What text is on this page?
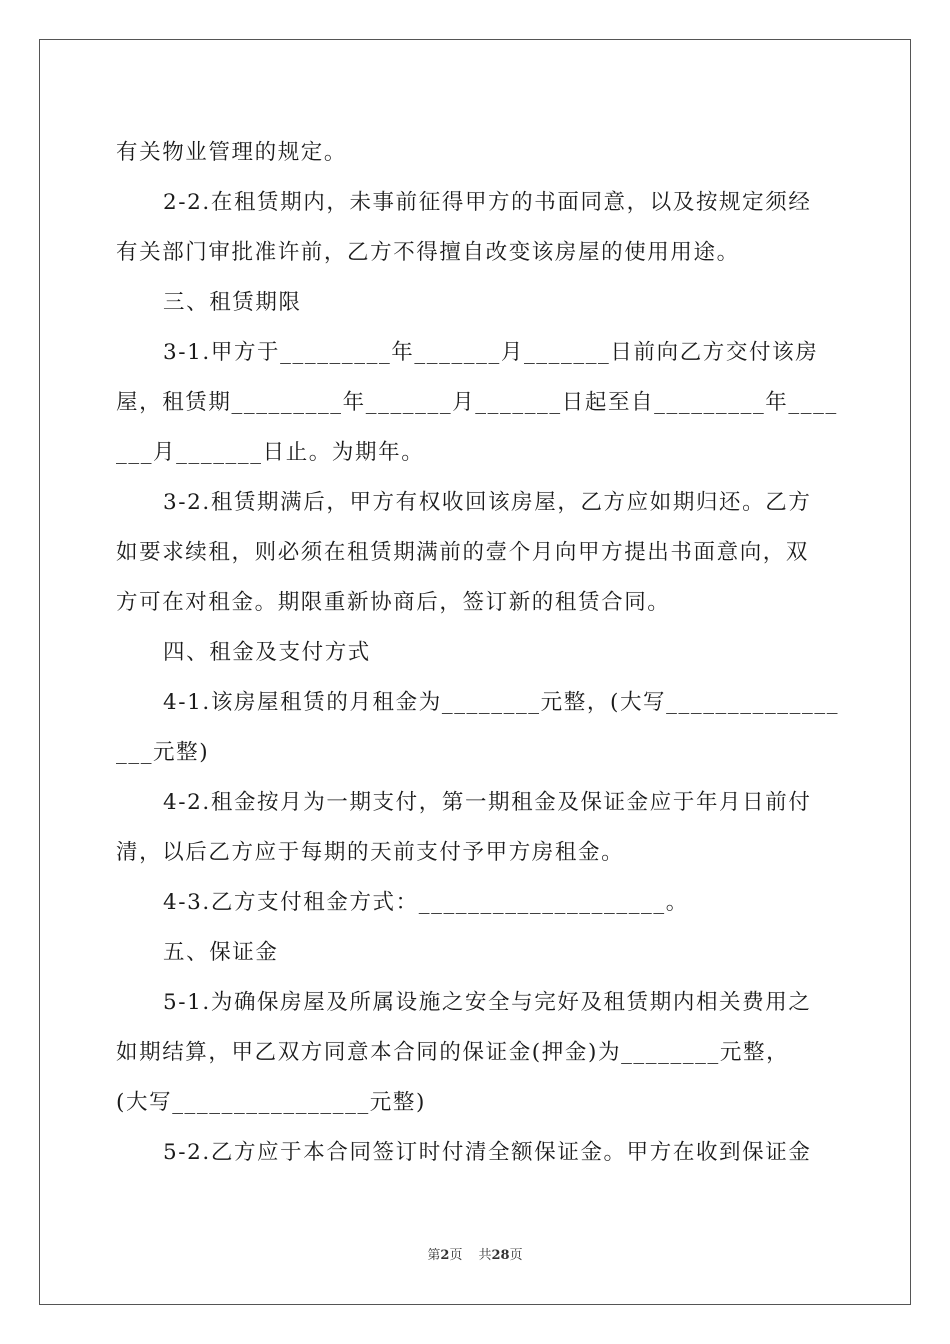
有关物业管理的规定。
2-2.在租赁期内，未事前征得甲方的书面同意，以及按规定须经
有关部门审批准许前，乙方不得擅自改变该房屋的使用用途。
三、租赁期限
3-1.甲方于_________年_______月_______日前向乙方交付该房
屋，租赁期_________年_______月_______日起至自_________年____
___月_______日止。为期年。
3-2.租赁期满后，甲方有权收回该房屋，乙方应如期归还。乙方
如要求续租，则必须在租赁期满前的壹个月向甲方提出书面意向，双
方可在对租金。期限重新协商后，签订新的租赁合同。
四、租金及支付方式
4-1.该房屋租赁的月租金为________元整，(大写______________
___元整)
4-2.租金按月为一期支付，第一期租金及保证金应于年月日前付
清，以后乙方应于每期的天前支付予甲方房租金。
4-3.乙方支付租金方式：____________________。
五、保证金
5-1.为确保房屋及所属设施之安全与完好及租赁期内相关费用之
如期结算，甲乙双方同意本合同的保证金(押金)为________元整，
(大写________________元整)
5-2.乙方应于本合同签订时付清全额保证金。甲方在收到保证金
第2页 共28页
